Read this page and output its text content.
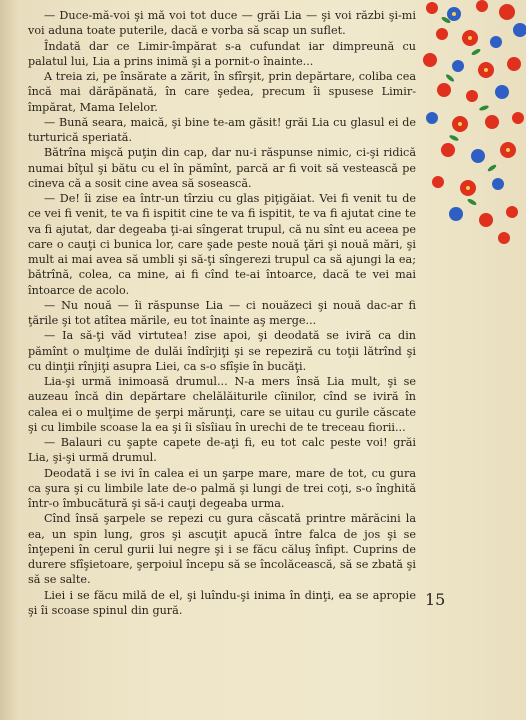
— Duce-mă-voi şi mă voi tot duce — grăi Lia — şi voi răzbi şi-mi voi aduna toate puterile, dacă e vorba să scap un suflet.

Îndată dar ce Limir-împărat s-a cufundat iar dimpreună cu palatul lui, Lia a prins inimă şi a pornit-o înainte...

A treia zi, pe însărate a zărit, în sfîrşit, prin depărtare, coliba cea încă mai dărăpănată, în care şedea, precum îi spusese Limir-împărat, Mama Ielelor.

— Bună seara, maică, şi bine te-am găsit! grăi Lia cu glasul ei de turturică speriată.

Bătrîna mişcă puţin din cap, dar nu-i răspunse nimic, ci-şi ridică numai bîţul şi bătu cu el în pămînt, parcă ar fi voit să vestească pe cineva că a sosit cine avea să sosească.

— De! îi zise ea într-un tîrziu cu glas piţigăiat. Vei fi venit tu de ce vei fi venit, te va fi ispitit cine te va fi ispitit, te va fi ajutat cine te va fi ajutat, dar degeaba ţi-ai sîngerat trupul, că nu sînt eu aceea pe care o cauţi ci bunica lor, care şade peste nouă ţări şi nouă mări, şi mult ai mai avea să umbli şi să-ţi sîngerezi trupul ca să ajungi la ea; bătrînă, colea, ca mine, ai fi cînd te-ai întoarce, dacă te vei mai întoarce de acolo.

— Nu nouă — îi răspunse Lia — ci nouăzeci şi nouă dac-ar fi ţările şi tot atîtea mările, eu tot înainte aş merge...

— Ia să-ţi văd virtutea! zise apoi, şi deodată se iviră ca din pămînt o mulţime de dulăi îndîrjiţi şi se repeziră cu toţii lătrînd şi cu dinţii rînjiţi asupra Liei, ca s-o sfîşie în bucăţi.

Lia-şi urmă inimoasă drumul... N-a mers însă Lia mult, şi se auzeau încă din depărtare chelălăiturile cîinilor, cînd se iviră în calea ei o mulţime de şerpi mărunţi, care se uitau cu gurile căscate şi cu limbile scoase la ea şi îi sîsîiau în urechi de te treceau fiorii...

— Balauri cu şapte capete de-aţi fi, eu tot calc peste voi! grăi Lia, şi-şi urmă drumul.

Deodată i se ivi în calea ei un şarpe mare, mare de tot, cu gura ca şura şi cu limbile late de-o palmă şi lungi de trei coţi, s-o înghită într-o îmbucătură şi să-i cauţi degeaba urma.

Cînd însă şarpele se repezi cu gura căscată printre mărăcini la ea, un spin lung, gros şi ascuţit apucă între falca de jos şi se înţepeni în cerul gurii lui negre şi i se făcu căluş înfipt. Cuprins de durere sfîşietoare, şerpoiul începu să se încolăcească, să se zbată şi să se salte.

Liei i se făcu milă de el, şi luîndu-şi inima în dinţi, ea se apropie şi îi scoase spinul din gură.

15
